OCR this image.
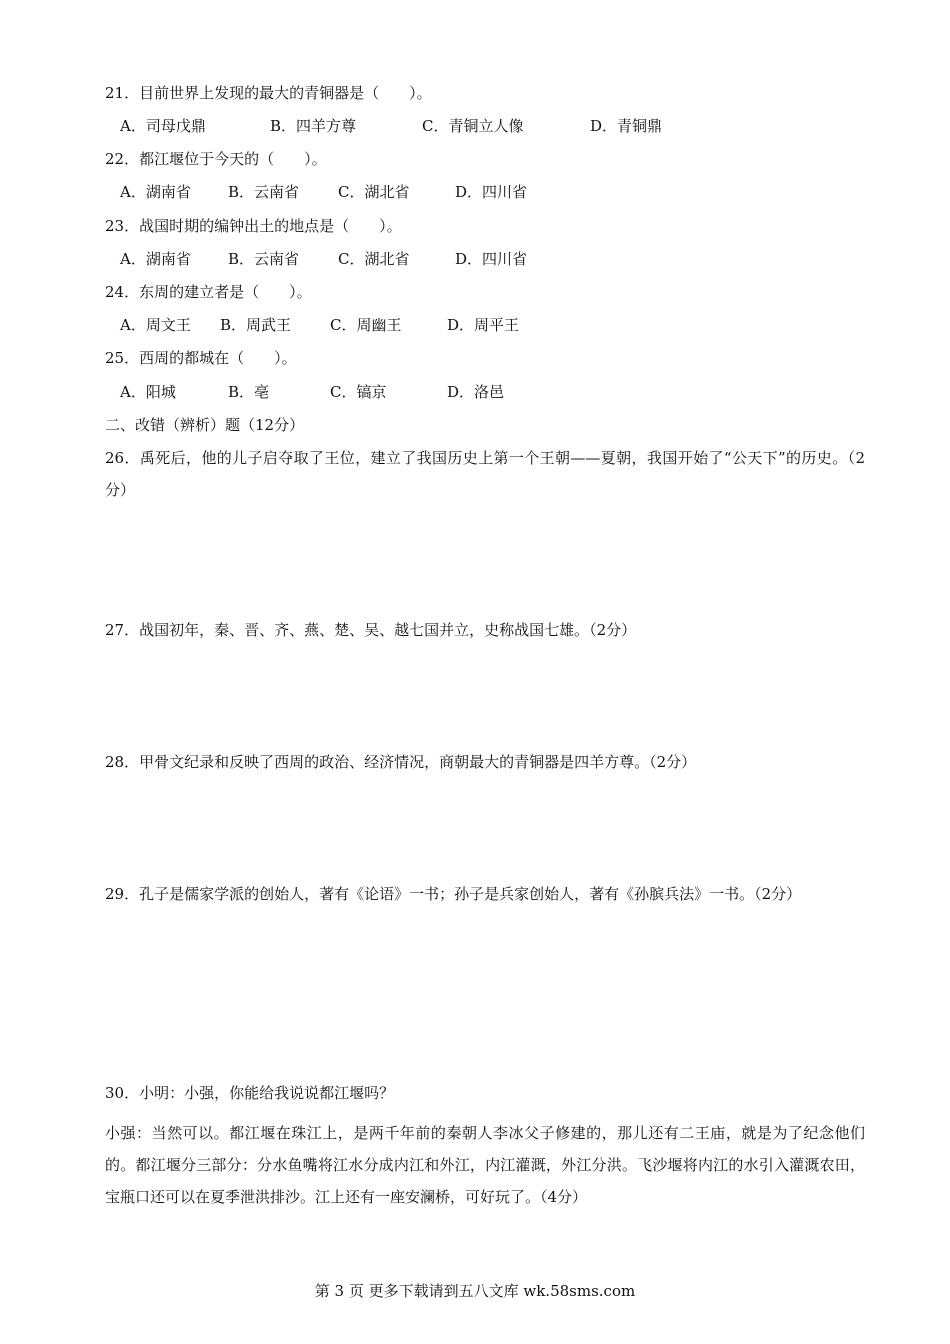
21．目前世界上发现的最大的青铜器是（　　）。
A．司母戊鼎	B．四羊方尊	C．青铜立人像	D．青铜鼎
22．都江堰位于今天的（　　）。
A．湖南省 B．云南省	C．湖北省	D．四川省
23．战国时期的编钟出土的地点是（　　）。
A．湖南省 B．云南省	C．湖北省	D．四川省
24．东周的建立者是（　　）。
A．周文王 B．周武王	C．周幽王	D．周平王
25．西周的都城在（　　）。
A．阳城	B．亳	C．镐京	D．洛邑
二、改错（辨析）题（12分）
26．禹死后，他的儿子启夺取了王位，建立了我国历史上第一个王朝——夏朝，我国开始了“公天下”的历史。（2分）
27．战国初年，秦、晋、齐、燕、楚、吴、越七国并立，史称战国七雄。（2分）
28．甲骨文纪录和反映了西周的政治、经济情况，商朝最大的青铜器是四羊方尊。（2分）
29．孔子是儒家学派的创始人，著有《论语》一书；孙子是兵家创始人，著有《孙膑兵法》一书。（2分）
30．小明：小强，你能给我说说都江堰吗？
小强：当然可以。都江堰在珠江上，是两千年前的秦朝人李冰父子修建的，那儿还有二王庙，就是为了纪念他们的。都江堰分三部分：分水鱼嘴将江水分成内江和外江，内江灌溉，外江分洪。飞沙堰将内江的水引入灌溉农田，宝瓶口还可以在夏季泄洪排沙。江上还有一座安澜桥，可好玩了。（4分）
第 3 页 更多下载请到五八文库 wk.58sms.com
